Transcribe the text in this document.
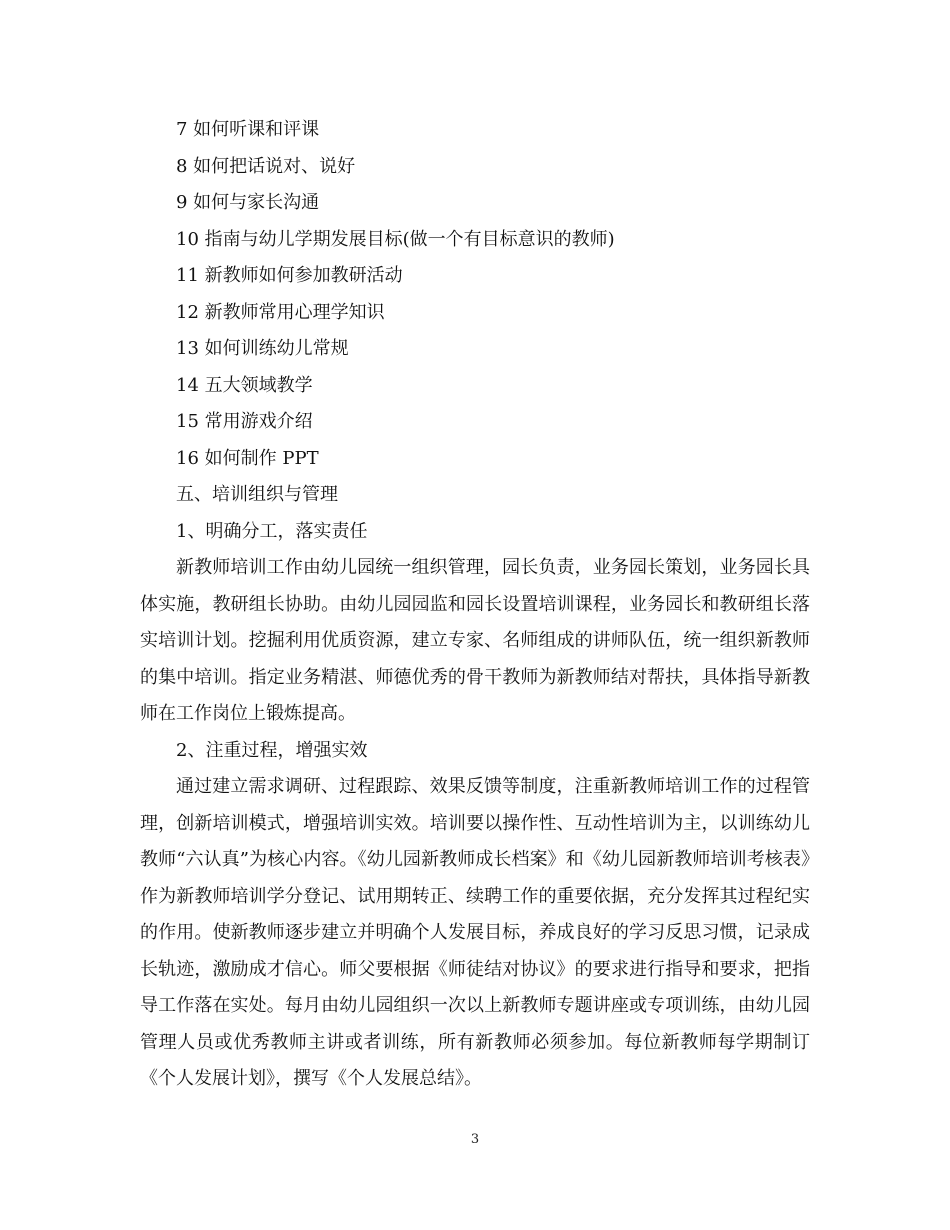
7 如何听课和评课
8 如何把话说对、说好
9 如何与家长沟通
10 指南与幼儿学期发展目标(做一个有目标意识的教师)
11 新教师如何参加教研活动
12 新教师常用心理学知识
13 如何训练幼儿常规
14 五大领域教学
15 常用游戏介绍
16 如何制作 PPT
五、培训组织与管理
1、明确分工，落实责任

新教师培训工作由幼儿园统一组织管理，园长负责，业务园长策划，业务园长具体实施，教研组长协助。由幼儿园园监和园长设置培训课程，业务园长和教研组长落实培训计划。挖掘利用优质资源，建立专家、名师组成的讲师队伍，统一组织新教师的集中培训。指定业务精湛、师德优秀的骨干教师为新教师结对帮扶，具体指导新教师在工作岗位上锻炼提高。

2、注重过程，增强实效

通过建立需求调研、过程跟踪、效果反馈等制度，注重新教师培训工作的过程管理，创新培训模式，增强培训实效。培训要以操作性、互动性培训为主，以训练幼儿教师“六认真”为核心内容。《幼儿园新教师成长档案》和《幼儿园新教师培训考核表》作为新教师培训学分登记、试用期转正、续聘工作的重要依据，充分发挥其过程纪实的作用。使新教师逐步建立并明确个人发展目标，养成良好的学习反思习惯，记录成长轨迹，激励成才信心。师父要根据《师徒结对协议》的要求进行指导和要求，把指导工作落在实处。每月由幼儿园组织一次以上新教师专题讲座或专项训练，由幼儿园管理人员或优秀教师主讲或者训练，所有新教师必须参加。每位新教师每学期制订《个人发展计划》，撰写《个人发展总结》。

3
